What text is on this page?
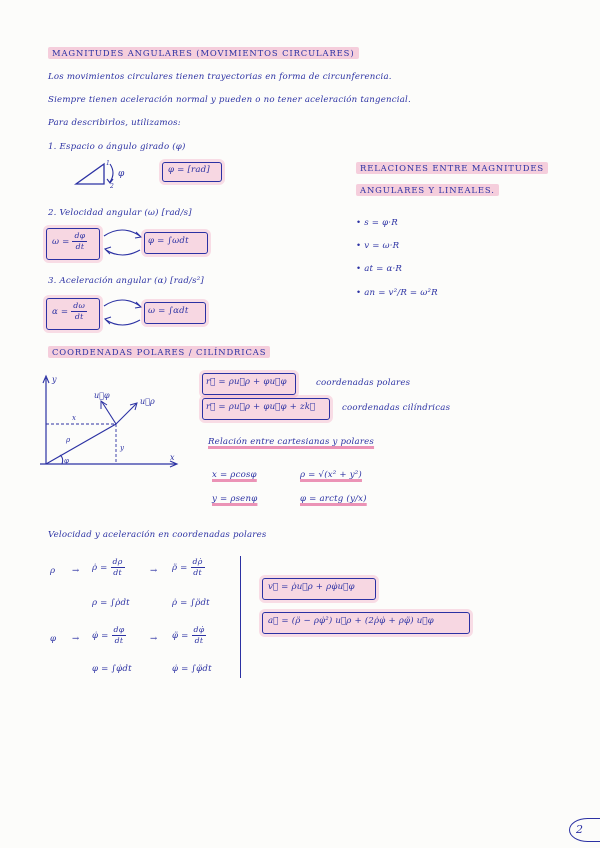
MAGNITUDES ANGULARES (MOVIMIENTOS CIRCULARES)
Los movimientos circulares tienen trayectorias en forma de circunferencia.
Siempre tienen aceleración normal y pueden o no tener aceleración tangencial.
Para describirlos, utilizamos:
1. Espacio o ángulo girado (φ)
φ
1
2
φ = [rad]
2. Velocidad angular (ω) [rad/s]
$\omega = \frac{d\varphi}{dt}$	φ = ∫ωdt
3. Aceleración angular (α) [rad/s²]
$\alpha = \frac{d\omega}{dt}$	ω = ∫αdt
RELACIONES ENTRE MAGNITUDES
ANGULARES Y LINEALES.
• s = φ·R
• v = ω·R
• at = α·R
• an = v²/R = ω²R
COORDENADAS POLARES / CILÍNDRICAS
y
x
u⃗φ
u⃗ρ
x
y
ρ
φ
r⃗ = ρu⃗ρ + φu⃗φ	coordenadas polares
r⃗ = ρu⃗ρ + φu⃗φ + zk⃗	coordenadas cilíndricas
Relación entre cartesianas y polares
x = ρcosφ	ρ = √(x² + y²)
y = ρsenφ	φ = arctg (y/x)
Velocidad y aceleración en coordenadas polares
ρ → ρ̇ = $\frac{d\rho}{dt}$	→ ρ̈ = $\frac{d\rhȯ}{dt}$
ρ = ∫ρ̇dt	ρ̇ = ∫ρ̈dt
φ → φ̇ = $\frac{d\varphi}{dt}$	→ φ̈ = $\frac{d\varphi̇}{dt}$
φ = ∫φ̇dt	φ̇ = ∫φ̈dt
v⃗ = ρ̇u⃗ρ + ρφ̇u⃗φ
a⃗ = (ρ̈ − ρφ̇²) u⃗ρ + (2ρ̇φ̇ + ρφ̈) u⃗φ
2
